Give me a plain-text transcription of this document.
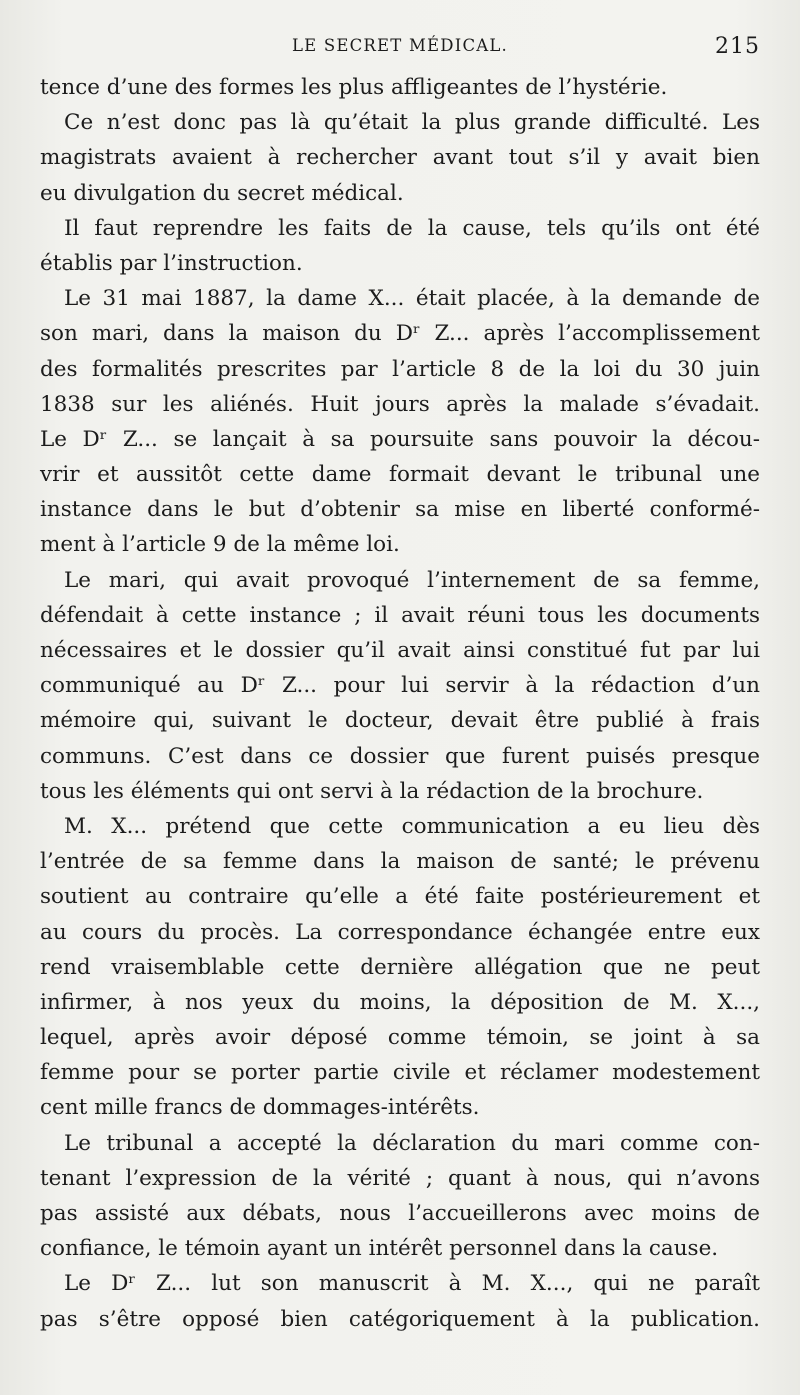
LE SECRET MÉDICAL.	215
tence d’une des formes les plus affligeantes de l’hystérie.
Ce n’est donc pas là qu’était la plus grande difficulté. Les
magistrats avaient à rechercher avant tout s’il y avait bien
eu divulgation du secret médical.
Il faut reprendre les faits de la cause, tels qu’ils ont été
établis par l’instruction.
Le 31 mai 1887, la dame X... était placée, à la demande de
son mari, dans la maison du Dʳ Z... après l’accomplissement
des formalités prescrites par l’article 8 de la loi du 30 juin
1838 sur les aliénés. Huit jours après la malade s’évadait.
Le Dʳ Z... se lançait à sa poursuite sans pouvoir la décou-
vrir et aussitôt cette dame formait devant le tribunal une
instance dans le but d’obtenir sa mise en liberté conformé-
ment à l’article 9 de la même loi.
Le mari, qui avait provoqué l’internement de sa femme,
défendait à cette instance ; il avait réuni tous les documents
nécessaires et le dossier qu’il avait ainsi constitué fut par lui
communiqué au Dʳ Z... pour lui servir à la rédaction d’un
mémoire qui, suivant le docteur, devait être publié à frais
communs. C’est dans ce dossier que furent puisés presque
tous les éléments qui ont servi à la rédaction de la brochure.
M. X... prétend que cette communication a eu lieu dès
l’entrée de sa femme dans la maison de santé; le prévenu
soutient au contraire qu’elle a été faite postérieurement et
au cours du procès. La correspondance échangée entre eux
rend vraisemblable cette dernière allégation que ne peut
infirmer, à nos yeux du moins, la déposition de M. X...,
lequel, après avoir déposé comme témoin, se joint à sa
femme pour se porter partie civile et réclamer modestement
cent mille francs de dommages-intérêts.
Le tribunal a accepté la déclaration du mari comme con-
tenant l’expression de la vérité ; quant à nous, qui n’avons
pas assisté aux débats, nous l’accueillerons avec moins de
confiance, le témoin ayant un intérêt personnel dans la cause.
Le Dʳ Z... lut son manuscrit à M. X..., qui ne paraît
pas s’être opposé bien catégoriquement à la publication.
